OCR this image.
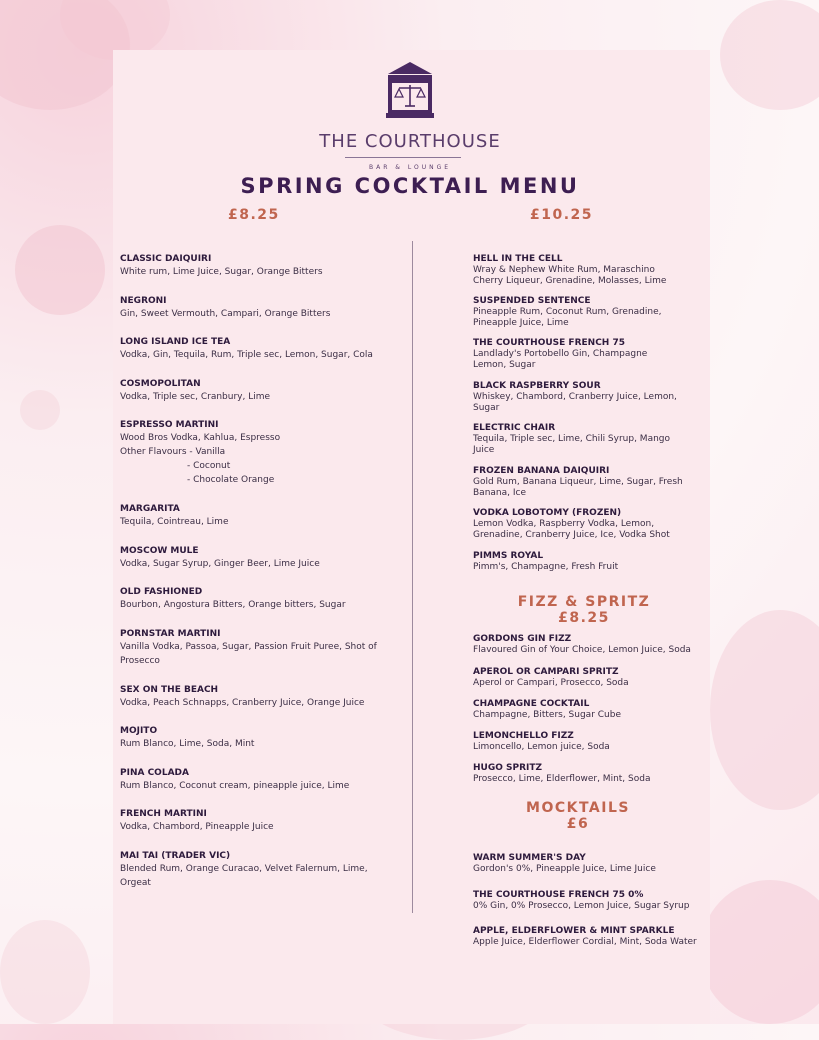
THE COURTHOUSE
BAR & LOUNGE
SPRING COCKTAIL MENU
£8.25	£10.25
CLASSIC DAIQUIRI
White rum, Lime Juice, Sugar, Orange Bitters
NEGRONI
Gin, Sweet Vermouth, Campari, Orange Bitters
LONG ISLAND ICE TEA
Vodka, Gin, Tequila, Rum, Triple sec, Lemon, Sugar, Cola
COSMOPOLITAN
Vodka, Triple sec, Cranbury, Lime
ESPRESSO MARTINI
Wood Bros Vodka, Kahlua, Espresso
Other Flavours - Vanilla
- Coconut
- Chocolate Orange
MARGARITA
Tequila, Cointreau, Lime
MOSCOW MULE
Vodka, Sugar Syrup, Ginger Beer, Lime Juice
OLD FASHIONED
Bourbon, Angostura Bitters, Orange bitters, Sugar
PORNSTAR MARTINI
Vanilla Vodka, Passoa, Sugar, Passion Fruit Puree, Shot of
Prosecco
SEX ON THE BEACH
Vodka, Peach Schnapps, Cranberry Juice, Orange Juice
MOJITO
Rum Blanco, Lime, Soda, Mint
PINA COLADA
Rum Blanco, Coconut cream, pineapple juice, Lime
FRENCH MARTINI
Vodka, Chambord, Pineapple Juice
MAI TAI (TRADER VIC)
Blended Rum, Orange Curacao, Velvet Falernum, Lime,
Orgeat
HELL IN THE CELL
Wray & Nephew White Rum, Maraschino
Cherry Liqueur, Grenadine, Molasses, Lime
SUSPENDED SENTENCE
Pineapple Rum, Coconut Rum, Grenadine,
Pineapple Juice, Lime
THE COURTHOUSE FRENCH 75
Landlady's Portobello Gin, Champagne
Lemon, Sugar
BLACK RASPBERRY SOUR
Whiskey, Chambord, Cranberry Juice, Lemon,
Sugar
ELECTRIC CHAIR
Tequila, Triple sec, Lime, Chili Syrup, Mango
Juice
FROZEN BANANA DAIQUIRI
Gold Rum, Banana Liqueur, Lime, Sugar, Fresh
Banana, Ice
VODKA LOBOTOMY (FROZEN)
Lemon Vodka, Raspberry Vodka, Lemon,
Grenadine, Cranberry Juice, Ice, Vodka Shot
PIMMS ROYAL
Pimm's, Champagne, Fresh Fruit
FIZZ & SPRITZ
£8.25
GORDONS GIN FIZZ
Flavoured Gin of Your Choice, Lemon Juice, Soda
APEROL OR CAMPARI SPRITZ
Aperol or Campari, Prosecco, Soda
CHAMPAGNE COCKTAIL
Champagne, Bitters, Sugar Cube
LEMONCHELLO FIZZ
Limoncello, Lemon juice, Soda
HUGO SPRITZ
Prosecco, Lime, Elderflower, Mint, Soda
MOCKTAILS
£6
WARM SUMMER'S DAY
Gordon's 0%, Pineapple Juice, Lime Juice
THE COURTHOUSE FRENCH 75 0%
0% Gin, 0% Prosecco, Lemon Juice, Sugar Syrup
APPLE, ELDERFLOWER & MINT SPARKLE
Apple Juice, Elderflower Cordial, Mint, Soda Water
